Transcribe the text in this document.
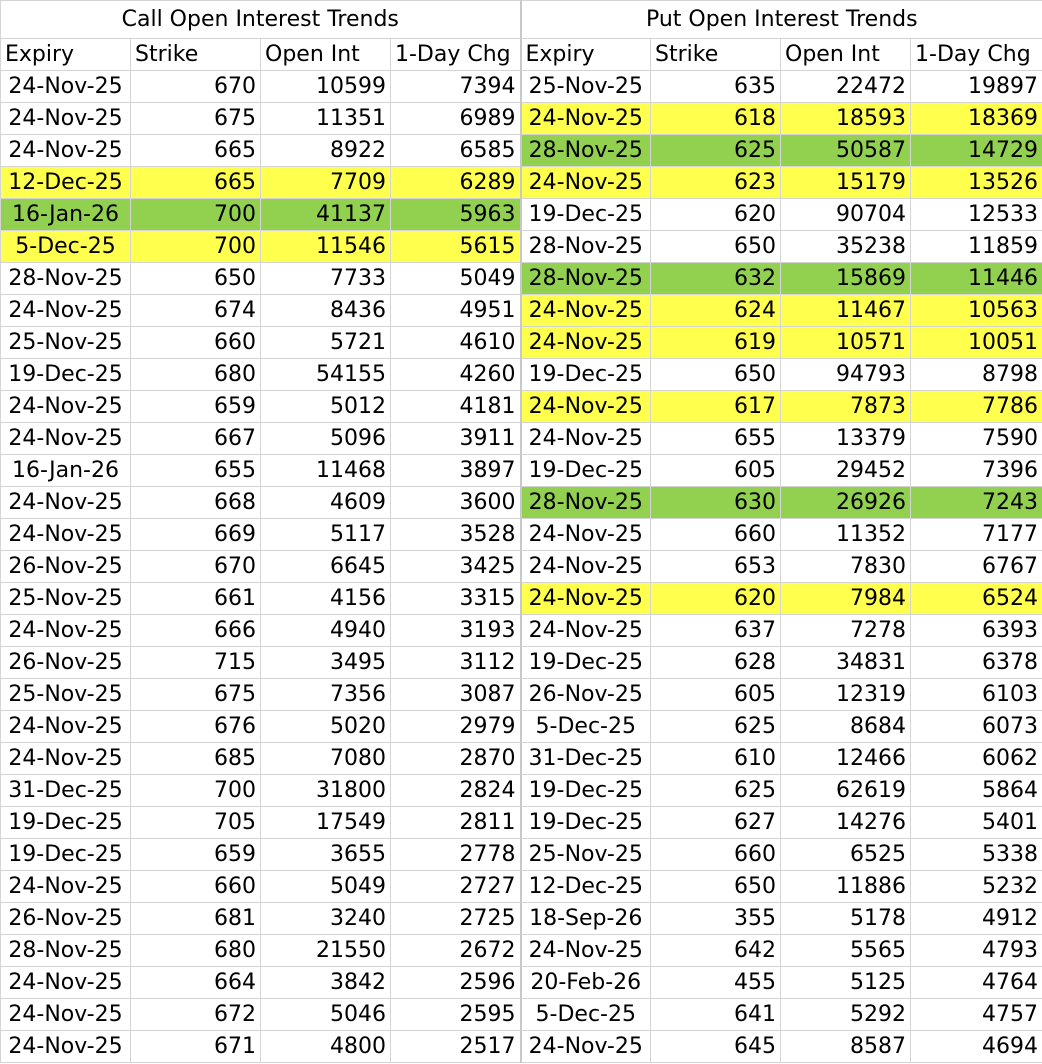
Call Open Interest Trends				Put Open Interest Trends			
Expiry	Strike	Open Int	1-Day Chg	Expiry	Strike	Open Int	1-Day Chg
24-Nov-25	670	10599	7394	25-Nov-25	635	22472	19897
24-Nov-25	675	11351	6989	24-Nov-25	618	18593	18369
24-Nov-25	665	8922	6585	28-Nov-25	625	50587	14729
12-Dec-25	665	7709	6289	24-Nov-25	623	15179	13526
16-Jan-26	700	41137	5963	19-Dec-25	620	90704	12533
5-Dec-25	700	11546	5615	28-Nov-25	650	35238	11859
28-Nov-25	650	7733	5049	28-Nov-25	632	15869	11446
24-Nov-25	674	8436	4951	24-Nov-25	624	11467	10563
25-Nov-25	660	5721	4610	24-Nov-25	619	10571	10051
19-Dec-25	680	54155	4260	19-Dec-25	650	94793	8798
24-Nov-25	659	5012	4181	24-Nov-25	617	7873	7786
24-Nov-25	667	5096	3911	24-Nov-25	655	13379	7590
16-Jan-26	655	11468	3897	19-Dec-25	605	29452	7396
24-Nov-25	668	4609	3600	28-Nov-25	630	26926	7243
24-Nov-25	669	5117	3528	24-Nov-25	660	11352	7177
26-Nov-25	670	6645	3425	24-Nov-25	653	7830	6767
25-Nov-25	661	4156	3315	24-Nov-25	620	7984	6524
24-Nov-25	666	4940	3193	24-Nov-25	637	7278	6393
26-Nov-25	715	3495	3112	19-Dec-25	628	34831	6378
25-Nov-25	675	7356	3087	26-Nov-25	605	12319	6103
24-Nov-25	676	5020	2979	5-Dec-25	625	8684	6073
24-Nov-25	685	7080	2870	31-Dec-25	610	12466	6062
31-Dec-25	700	31800	2824	19-Dec-25	625	62619	5864
19-Dec-25	705	17549	2811	19-Dec-25	627	14276	5401
19-Dec-25	659	3655	2778	25-Nov-25	660	6525	5338
24-Nov-25	660	5049	2727	12-Dec-25	650	11886	5232
26-Nov-25	681	3240	2725	18-Sep-26	355	5178	4912
28-Nov-25	680	21550	2672	24-Nov-25	642	5565	4793
24-Nov-25	664	3842	2596	20-Feb-26	455	5125	4764
24-Nov-25	672	5046	2595	5-Dec-25	641	5292	4757
24-Nov-25	671	4800	2517	24-Nov-25	645	8587	4694
